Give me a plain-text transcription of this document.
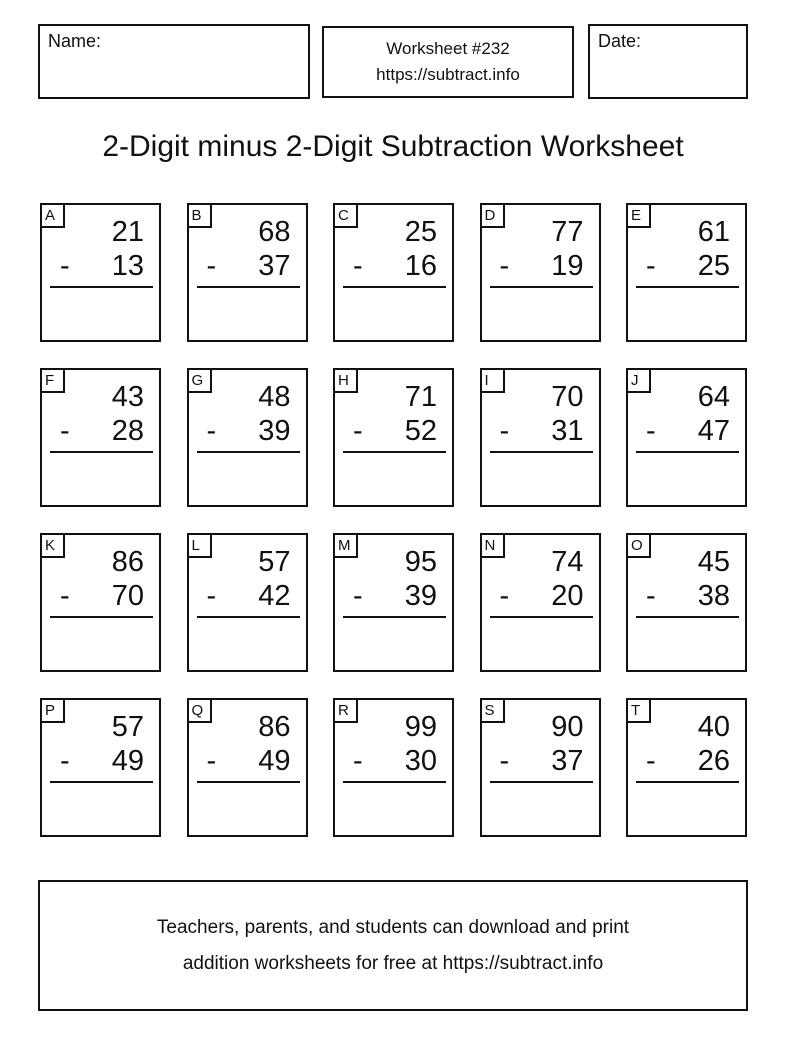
Name:	Worksheet #232
https://subtract.info
Date:
2-Digit minus 2-Digit Subtraction Worksheet
A
21
-	13
B
68
-	37
C
25
-	16
D
77
-	19
E
61
-	25
F
43
-	28
G
48
-	39
H
71
-	52
I
70
-	31
J
64
-	47
K
86
-	70
L
57
-	42
M
95
-	39
N
74
-	20
O
45
-	38
P
57
-	49
Q
86
-	49
R
99
-	30
S
90
-	37
T
40
-	26
Teachers, parents, and students can download and print
addition worksheets for free at https://subtract.info
